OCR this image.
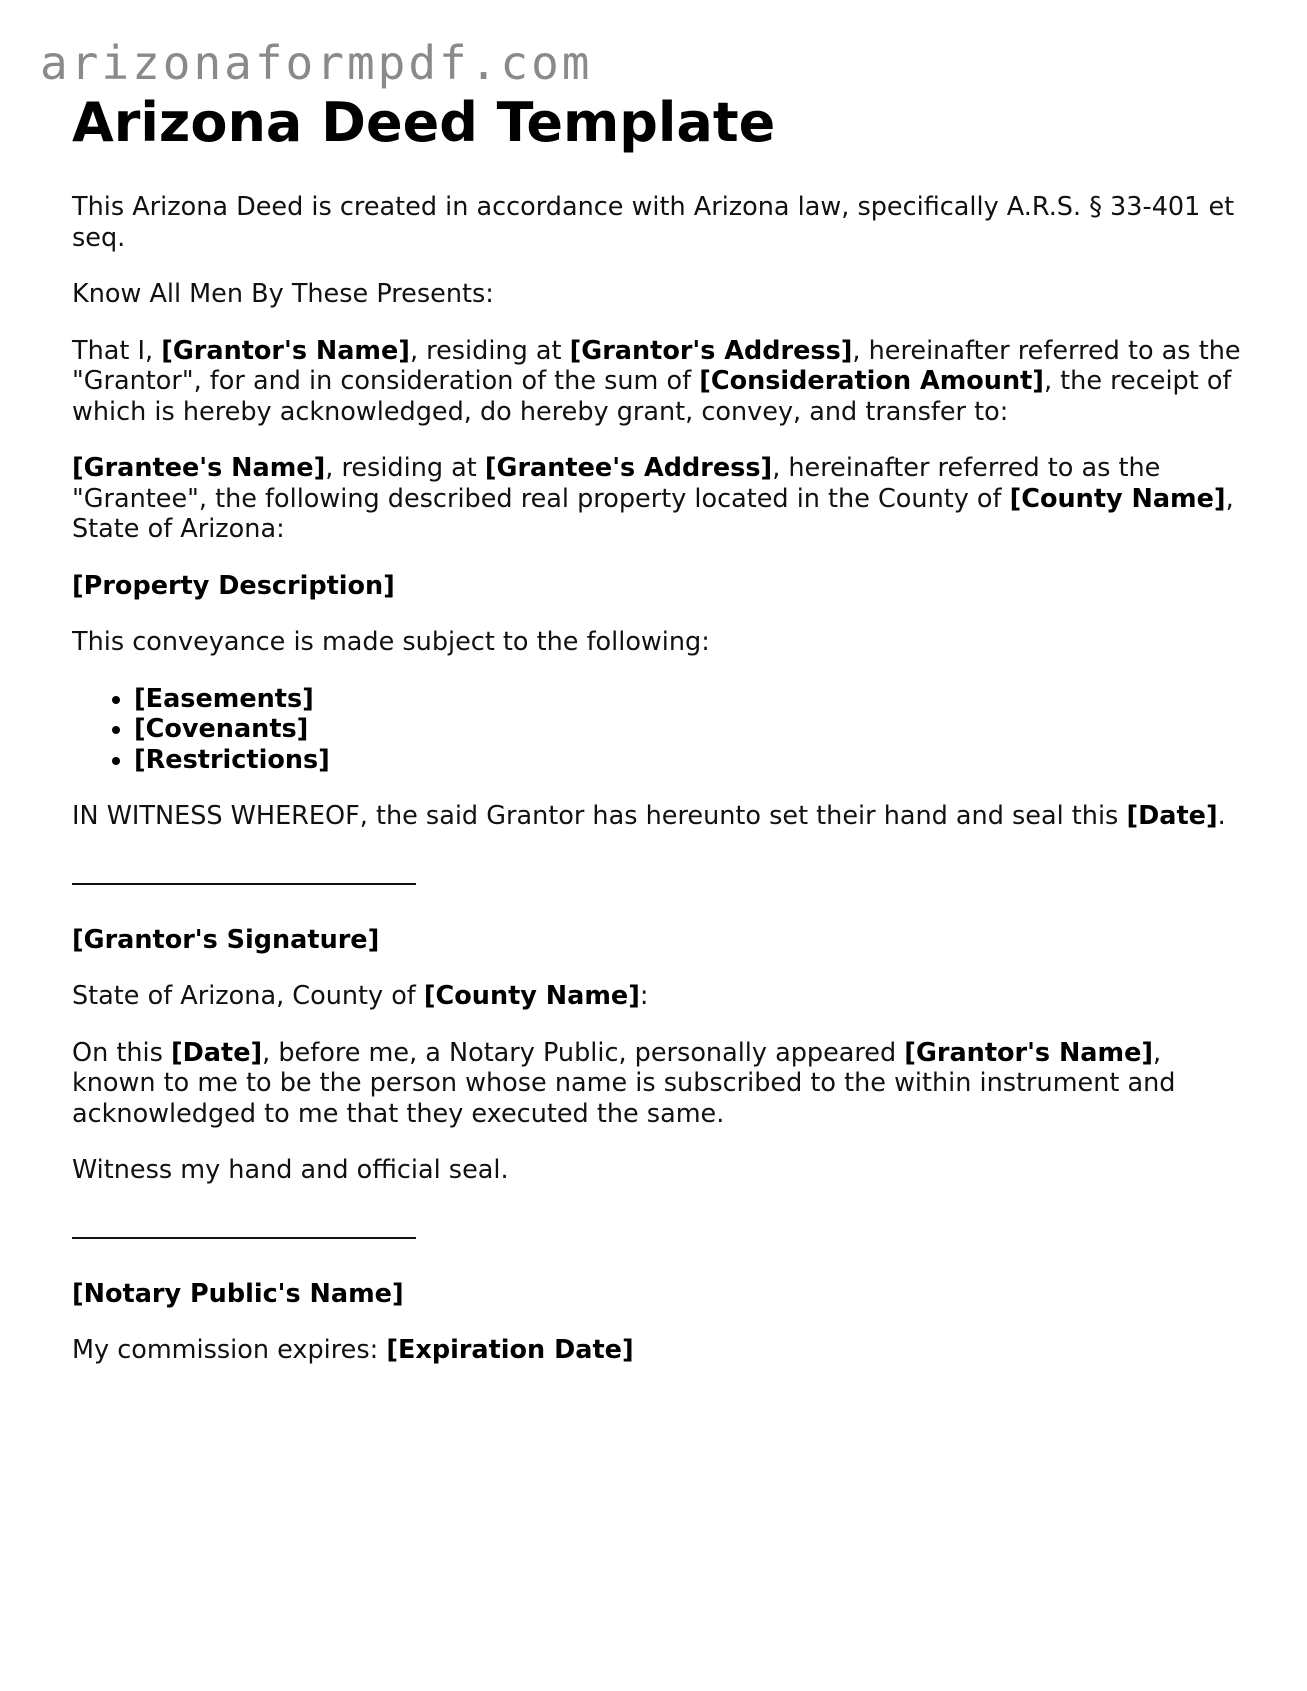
arizonaformpdf.com
Arizona Deed Template

This Arizona Deed is created in accordance with Arizona law, specifically A.R.S. § 33-401 et seq.

Know All Men By These Presents:

That I, [Grantor's Name], residing at [Grantor's Address], hereinafter referred to as the "Grantor", for and in consideration of the sum of [Consideration Amount], the receipt of which is hereby acknowledged, do hereby grant, convey, and transfer to:

[Grantee's Name], residing at [Grantee's Address], hereinafter referred to as the "Grantee", the following described real property located in the County of [County Name], State of Arizona:

[Property Description]

This conveyance is made subject to the following:

• [Easements]
• [Covenants]
• [Restrictions]

IN WITNESS WHEREOF, the said Grantor has hereunto set their hand and seal this [Date].

[Grantor's Signature]

State of Arizona, County of [County Name]:

On this [Date], before me, a Notary Public, personally appeared [Grantor's Name], known to me to be the person whose name is subscribed to the within instrument and acknowledged to me that they executed the same.

Witness my hand and official seal.

[Notary Public's Name]

My commission expires: [Expiration Date]
